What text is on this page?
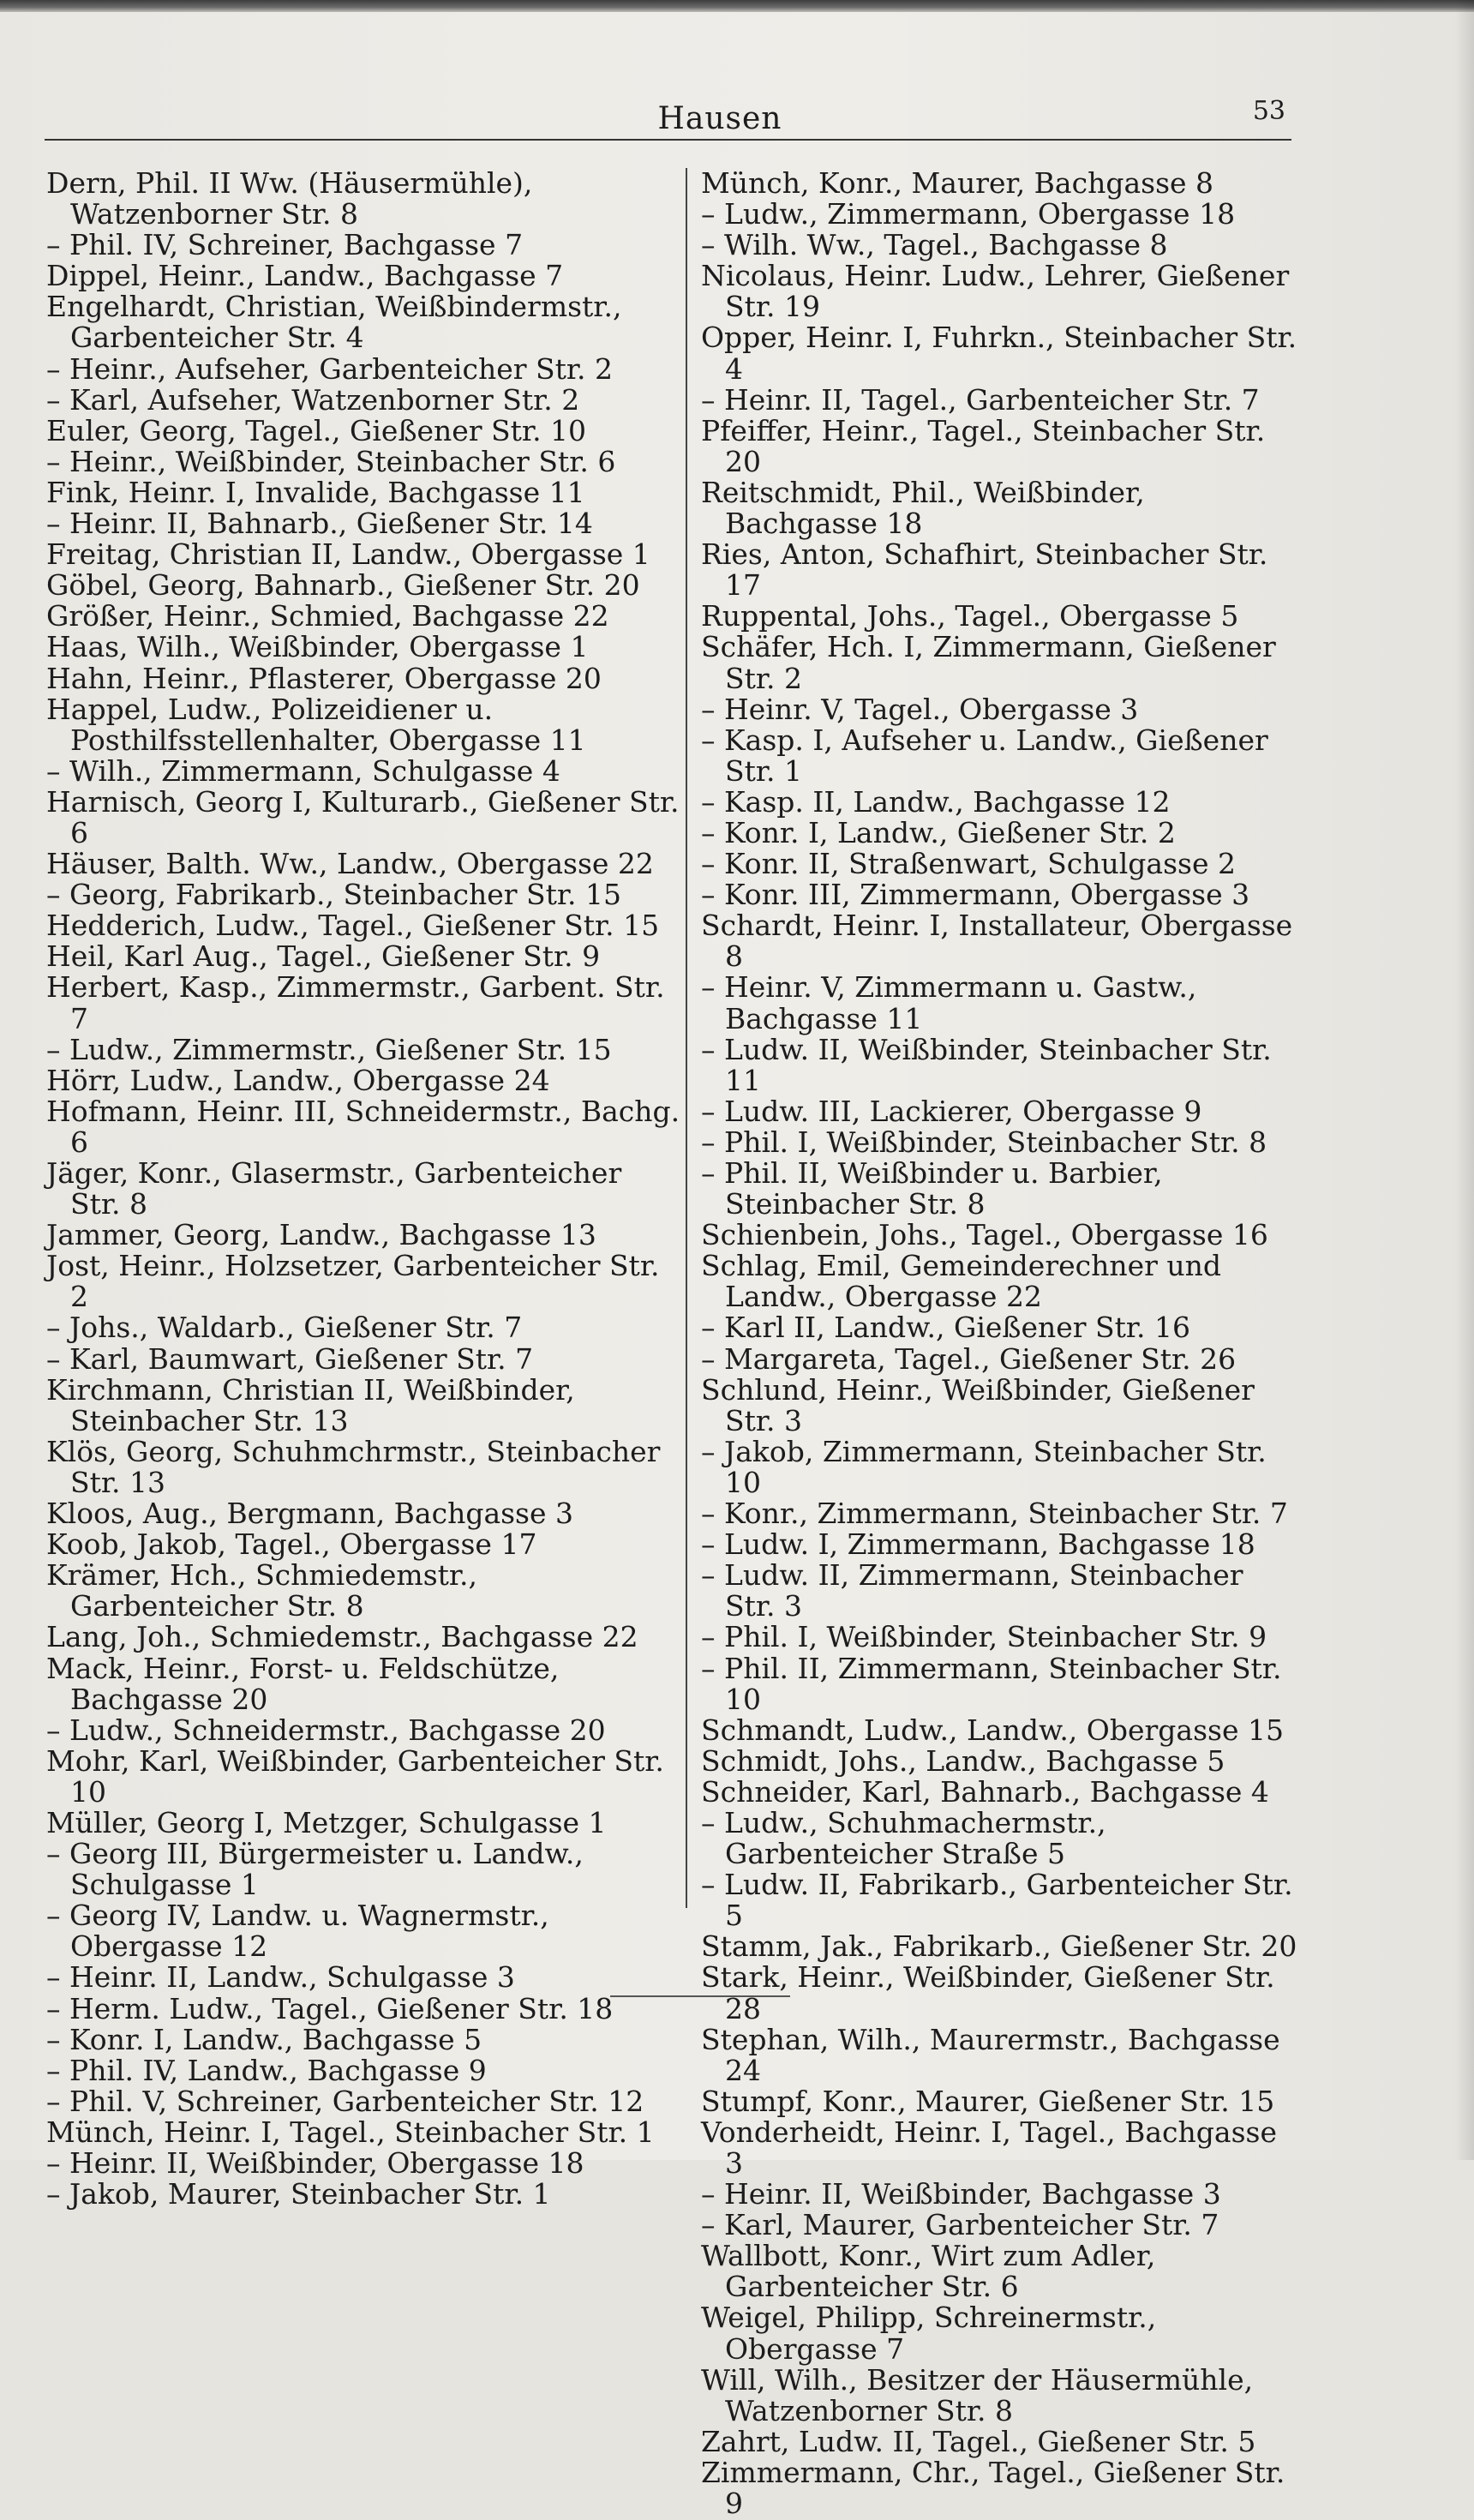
Hausen	53
Dern, Phil. II Ww. (Häusermühle), Watzenborner Str. 8
– Phil. IV, Schreiner, Bachgasse 7
Dippel, Heinr., Landw., Bachgasse 7
Engelhardt, Christian, Weißbindermstr., Garbenteicher Str. 4
– Heinr., Aufseher, Garbenteicher Str. 2
– Karl, Aufseher, Watzenborner Str. 2
Euler, Georg, Tagel., Gießener Str. 10
– Heinr., Weißbinder, Steinbacher Str. 6
Fink, Heinr. I, Invalide, Bachgasse 11
– Heinr. II, Bahnarb., Gießener Str. 14
Freitag, Christian II, Landw., Obergasse 1
Göbel, Georg, Bahnarb., Gießener Str. 20
Größer, Heinr., Schmied, Bachgasse 22
Haas, Wilh., Weißbinder, Obergasse 1
Hahn, Heinr., Pflasterer, Obergasse 20
Happel, Ludw., Polizeidiener u. Posthilfsstellenhalter, Obergasse 11
– Wilh., Zimmermann, Schulgasse 4
Harnisch, Georg I, Kulturarb., Gießener Str. 6
Häuser, Balth. Ww., Landw., Obergasse 22
– Georg, Fabrikarb., Steinbacher Str. 15
Hedderich, Ludw., Tagel., Gießener Str. 15
Heil, Karl Aug., Tagel., Gießener Str. 9
Herbert, Kasp., Zimmermstr., Garbent. Str. 7
– Ludw., Zimmermstr., Gießener Str. 15
Hörr, Ludw., Landw., Obergasse 24
Hofmann, Heinr. III, Schneidermstr., Bachg. 6
Jäger, Konr., Glasermstr., Garbenteicher Str. 8
Jammer, Georg, Landw., Bachgasse 13
Jost, Heinr., Holzsetzer, Garbenteicher Str. 2
– Johs., Waldarb., Gießener Str. 7
– Karl, Baumwart, Gießener Str. 7
Kirchmann, Christian II, Weißbinder, Steinbacher Str. 13
Klös, Georg, Schuhmchrmstr., Steinbacher Str. 13
Kloos, Aug., Bergmann, Bachgasse 3
Koob, Jakob, Tagel., Obergasse 17
Krämer, Hch., Schmiedemstr., Garbenteicher Str. 8
Lang, Joh., Schmiedemstr., Bachgasse 22
Mack, Heinr., Forst- u. Feldschütze, Bachgasse 20
– Ludw., Schneidermstr., Bachgasse 20
Mohr, Karl, Weißbinder, Garbenteicher Str. 10
Müller, Georg I, Metzger, Schulgasse 1
– Georg III, Bürgermeister u. Landw., Schulgasse 1
– Georg IV, Landw. u. Wagnermstr., Obergasse 12
– Heinr. II, Landw., Schulgasse 3
– Herm. Ludw., Tagel., Gießener Str. 18
– Konr. I, Landw., Bachgasse 5
– Phil. IV, Landw., Bachgasse 9
– Phil. V, Schreiner, Garbenteicher Str. 12
Münch, Heinr. I, Tagel., Steinbacher Str. 1
– Heinr. II, Weißbinder, Obergasse 18
– Jakob, Maurer, Steinbacher Str. 1
Münch, Konr., Maurer, Bachgasse 8
– Ludw., Zimmermann, Obergasse 18
– Wilh. Ww., Tagel., Bachgasse 8
Nicolaus, Heinr. Ludw., Lehrer, Gießener Str. 19
Opper, Heinr. I, Fuhrkn., Steinbacher Str. 4
– Heinr. II, Tagel., Garbenteicher Str. 7
Pfeiffer, Heinr., Tagel., Steinbacher Str. 20
Reitschmidt, Phil., Weißbinder, Bachgasse 18
Ries, Anton, Schafhirt, Steinbacher Str. 17
Ruppental, Johs., Tagel., Obergasse 5
Schäfer, Hch. I, Zimmermann, Gießener Str. 2
– Heinr. V, Tagel., Obergasse 3
– Kasp. I, Aufseher u. Landw., Gießener Str. 1
– Kasp. II, Landw., Bachgasse 12
– Konr. I, Landw., Gießener Str. 2
– Konr. II, Straßenwart, Schulgasse 2
– Konr. III, Zimmermann, Obergasse 3
Schardt, Heinr. I, Installateur, Obergasse 8
– Heinr. V, Zimmermann u. Gastw., Bachgasse 11
– Ludw. II, Weißbinder, Steinbacher Str. 11
– Ludw. III, Lackierer, Obergasse 9
– Phil. I, Weißbinder, Steinbacher Str. 8
– Phil. II, Weißbinder u. Barbier, Steinbacher Str. 8
Schienbein, Johs., Tagel., Obergasse 16
Schlag, Emil, Gemeinderechner und Landw., Obergasse 22
– Karl II, Landw., Gießener Str. 16
– Margareta, Tagel., Gießener Str. 26
Schlund, Heinr., Weißbinder, Gießener Str. 3
– Jakob, Zimmermann, Steinbacher Str. 10
– Konr., Zimmermann, Steinbacher Str. 7
– Ludw. I, Zimmermann, Bachgasse 18
– Ludw. II, Zimmermann, Steinbacher Str. 3
– Phil. I, Weißbinder, Steinbacher Str. 9
– Phil. II, Zimmermann, Steinbacher Str. 10
Schmandt, Ludw., Landw., Obergasse 15
Schmidt, Johs., Landw., Bachgasse 5
Schneider, Karl, Bahnarb., Bachgasse 4
– Ludw., Schuhmachermstr., Garbenteicher Straße 5
– Ludw. II, Fabrikarb., Garbenteicher Str. 5
Stamm, Jak., Fabrikarb., Gießener Str. 20
Stark, Heinr., Weißbinder, Gießener Str. 28
Stephan, Wilh., Maurermstr., Bachgasse 24
Stumpf, Konr., Maurer, Gießener Str. 15
Vonderheidt, Heinr. I, Tagel., Bachgasse 3
– Heinr. II, Weißbinder, Bachgasse 3
– Karl, Maurer, Garbenteicher Str. 7
Wallbott, Konr., Wirt zum Adler, Garbenteicher Str. 6
Weigel, Philipp, Schreinermstr., Obergasse 7
Will, Wilh., Besitzer der Häusermühle, Watzenborner Str. 8
Zahrt, Ludw. II, Tagel., Gießener Str. 5
Zimmermann, Chr., Tagel., Gießener Str. 9
